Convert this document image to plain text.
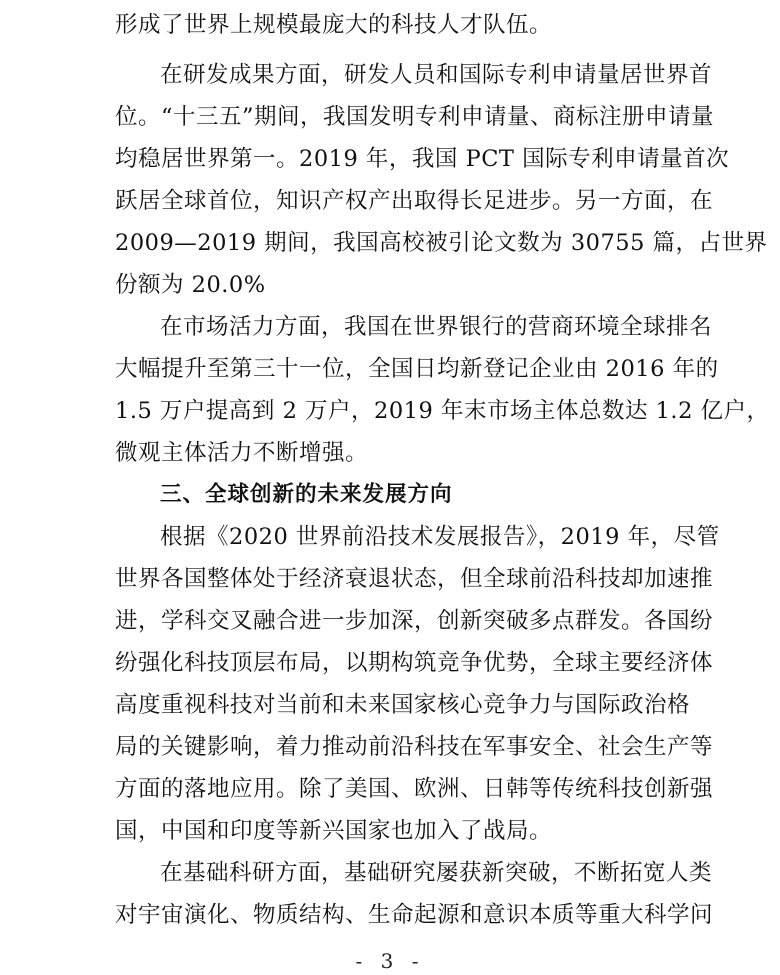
形成了世界上规模最庞大的科技人才队伍。
在研发成果方面，研发人员和国际专利申请量居世界首
位。“十三五”期间，我国发明专利申请量、商标注册申请量
均稳居世界第一。2019 年，我国 PCT 国际专利申请量首次
跃居全球首位，知识产权产出取得长足进步。另一方面，在
2009—2019 期间，我国高校被引论文数为 30755 篇，占世界
份额为 20.0%
在市场活力方面，我国在世界银行的营商环境全球排名
大幅提升至第三十一位，全国日均新登记企业由 2016 年的
1.5 万户提高到 2 万户，2019 年末市场主体总数达 1.2 亿户，
微观主体活力不断增强。
三、全球创新的未来发展方向
根据《2020 世界前沿技术发展报告》，2019 年，尽管
世界各国整体处于经济衰退状态，但全球前沿科技却加速推
进，学科交叉融合进一步加深，创新突破多点群发。各国纷
纷强化科技顶层布局，以期构筑竞争优势，全球主要经济体
高度重视科技对当前和未来国家核心竞争力与国际政治格
局的关键影响，着力推动前沿科技在军事安全、社会生产等
方面的落地应用。除了美国、欧洲、日韩等传统科技创新强
国，中国和印度等新兴国家也加入了战局。
在基础科研方面，基础研究屡获新突破，不断拓宽人类
对宇宙演化、物质结构、生命起源和意识本质等重大科学问
- 3 -
